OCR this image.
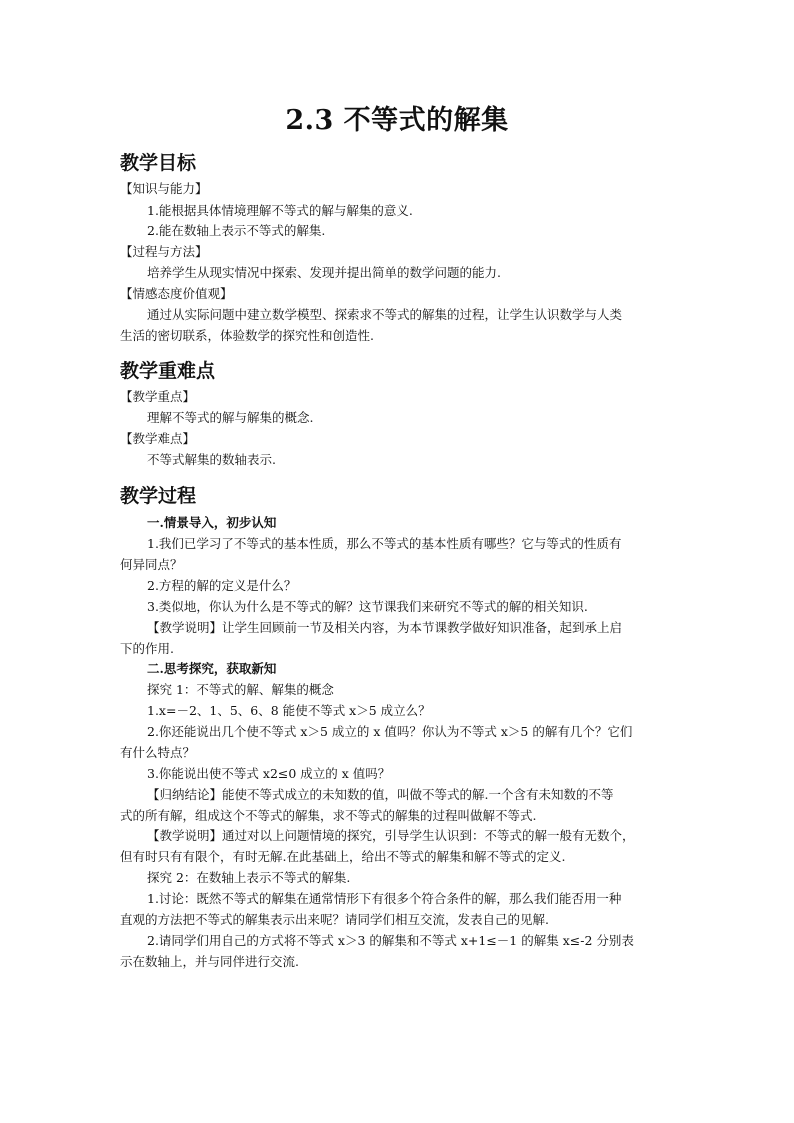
2.3 不等式的解集
教学目标
【知识与能力】
1.能根据具体情境理解不等式的解与解集的意义.
2.能在数轴上表示不等式的解集.
【过程与方法】
培养学生从现实情况中探索、发现并提出简单的数学问题的能力.
【情感态度价值观】
通过从实际问题中建立数学模型、探索求不等式的解集的过程，让学生认识数学与人类
生活的密切联系，体验数学的探究性和创造性.
教学重难点
【教学重点】
理解不等式的解与解集的概念.
【教学难点】
不等式解集的数轴表示.
教学过程
一.情景导入，初步认知
1.我们已学习了不等式的基本性质，那么不等式的基本性质有哪些？它与等式的性质有
何异同点？
2.方程的解的定义是什么？
3.类似地，你认为什么是不等式的解？这节课我们来研究不等式的解的相关知识.
【教学说明】让学生回顾前一节及相关内容，为本节课教学做好知识准备，起到承上启
下的作用.
二.思考探究，获取新知
探究 1：不等式的解、解集的概念
1.x=－2、1、5、6、8 能使不等式 x＞5 成立么？
2.你还能说出几个使不等式 x＞5 成立的 x 值吗？你认为不等式 x＞5 的解有几个？它们
有什么特点？
3.你能说出使不等式 x2≤0 成立的 x 值吗？
【归纳结论】能使不等式成立的未知数的值，叫做不等式的解.一个含有未知数的不等
式的所有解，组成这个不等式的解集，求不等式的解集的过程叫做解不等式.
【教学说明】通过对以上问题情境的探究，引导学生认识到：不等式的解一般有无数个，
但有时只有有限个，有时无解.在此基础上，给出不等式的解集和解不等式的定义.
探究 2：在数轴上表示不等式的解集.
1.讨论：既然不等式的解集在通常情形下有很多个符合条件的解，那么我们能否用一种
直观的方法把不等式的解集表示出来呢？请同学们相互交流，发表自己的见解.
2.请同学们用自己的方式将不等式 x＞3 的解集和不等式 x+1≤－1 的解集 x≤-2 分别表
示在数轴上，并与同伴进行交流.
